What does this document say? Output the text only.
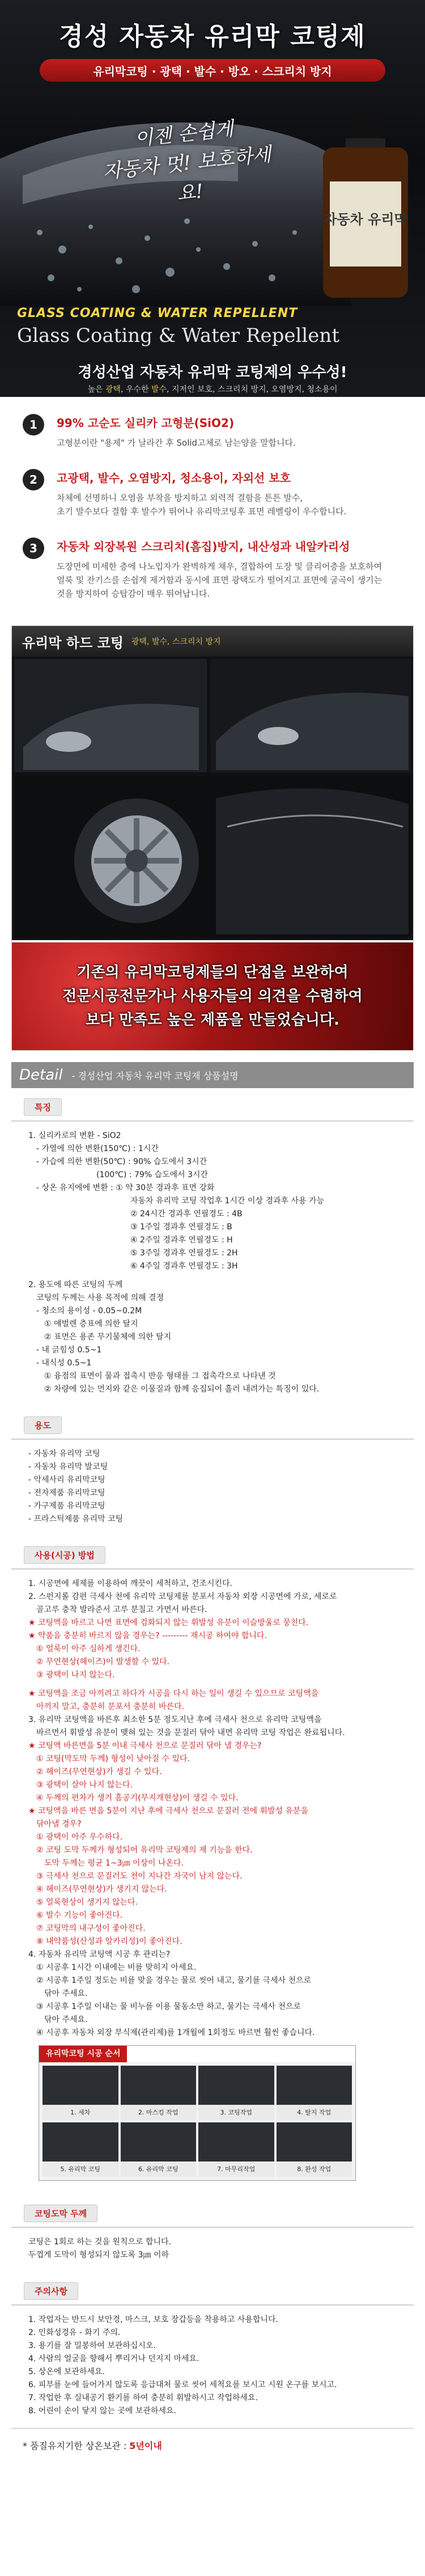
경성 자동차 유리막 코팅제
유리막코팅 · 광택 · 발수 · 방오 · 스크리치 방지
자동차 유리막
이젠 손쉽게
자동차 멋! 보호하세요!
GLASS COATING & WATER REPELLENT
Glass Coating & Water Repellent
경성산업 자동차 유리막 코팅제의 우수성!
높은 광택, 우수한 발수, 지저인 보호, 스크리치 방지, 오염방지, 청소용이
1	99% 고순도 실리카 고형분(SiO2)
고형분이란 "용제" 가 날라간 후 Solid고체로 남는양을 말합니다.
2	고광택, 발수, 오염방지, 청소용이, 자외선 보호
차체에 선명하니 오염을 부착을 방지하고 외력적 결함을 튼튼 발수,
초기 발수보다 결합 후 발수가 뛰어나 유리막코팅후 표면 레벨링이 우수합니다.
3	자동차 외장복원 스크리치(흠집)방지, 내산성과 내알카리성
도장면에 미세한 층에 나노입자가 완벽하게 채우, 결합하여 도장 및 클리어층을 보호하여
얼룩 및 잔기스를 손쉽게 제거함과 동시에 표면 광택도가 떨어지고 표면에 굴곡이 생기는
것을 방지하여 승탑감이 매우 뛰어납니다.
유리막 하드 코팅 광택, 발수, 스크리치 방지

기존의 유리막코팅제들의 단점을 보완하여
전문시공전문가나 사용자들의 의견을 수렴하여
보다 만족도 높은 제품을 만들었습니다.

Detail - 경성산업 자동차 유리막 코팅제 상품설명
특징
1. 실리카로의 변환 - SiO2
- 가열에 의한 변환(150℃) : 1시간
- 가습에 의한 변환(50℃) : 90% 습도에서 3시간
(100℃) : 79% 습도에서 3시간
- 상온 유지에에 변환 : ① 약 30분 경과후 표면 강화
자동차 유리막 코팅 작업후 1시간 이상 경과후 사용 가능
② 24시간 경과후 연필경도 : 4B
③ 1주일 경과후 연필경도 : B
④ 2주일 경과후 연필경도 : H
⑤ 3주일 경과후 연필경도 : 2H
⑥ 4주일 경과후 연필경도 : 3H
2. 용도에 따른 코팅의 두께
코팅의 두께는 사용 목적에 의해 결정
- 청소의 용이성 - 0.05~0.2M
① 얘벌렌 층표에 의한 탈지
② 표면은 용존 무기물체에 의한 탈지
- 내 긁힘성 0.5~1
- 내식성 0.5~1
① 융점의 표면이 물과 접촉시 반응 형태를 그 접촉각으로 나타낸 것
② 차량에 있는 먼지와 같은 이물질과 함께 응집되어 흘러 내려가는 특징이 있다.
용도
- 자동차 유리막 코팅
- 자동차 유리막 발코팅
- 악세사리 유리막코팅
- 전자제품 유리막코팅
- 가구제품 유리막코팅
- 프라스틱제품 유리막 코팅
사용(시공) 방법
1. 시공면에 세제를 이용하여 깨끗이 세척하고, 건조시킨다.
2. 스펀지롤 감편 극세사 천에 유리막 코팅제를 분포서 자동차 외장 시공면에 가로, 세로로
골고루 충착 발라준서 고루 분칠고 가면서 바른다.
★ 코팅액을 바르고 나면 표면에 검화되지 않는 휘발성 유분이 이슬방울로 뭉친다.
★ 약품을 충분히 바르지 않을 경우는? --------- 재시공 하여야 합니다.
① 얼룩이 아주 심하게 생긴다.
② 무연현상(헤이즈)이 발생할 수 있다.
③ 광택이 나지 않는다.
★ 코팅액을 조금 아끼려고 하다가 시공을 다시 하는 일이 생길 수 있으므로 코팅액을
아끼지 말고, 충분히 분포서 충분히 바른다.
3. 유리막 코팅액을 바른후 최소한 5분 정도지난 후에 극세사 천으로 유리막 코팅액을
바르면서 휘발성 유분이 맺혀 있는 것을 문질러 닦아 내면 유리막 코팅 작업은 완료됩니다.
★ 코팅액 바른면을 5분 이내 극세사 천으로 문질러 닦아 낼 경우는?
① 코팅(막도막 두께) 형성이 낮아질 수 있다.
② 헤이즈(무연현상)가 생길 수 있다.
③ 광택이 살아 나지 않는다.
④ 두께의 편차가 생겨 흠공기(무지개현상)이 생길 수 있다.
★ 코팅액을 바른 면을 5분이 지난 후에 극세사 천으로 문질러 전에 휘발성 유분을
닦아낼 경우?
① 광택이 아주 우수하다.
② 코팅 도막 두께가 형성되어 유리막 코팅제의 제 기능을 한다.
도막 두께는 평균 1~3㎛ 이상이 나온다.
③ 극세사 천으로 문질러도 천이 지나간 자국이 남지 않는다.
④ 헤이즈(무연현상)가 생기지 않는다.
⑤ 얼룩현상이 생기지 않는다.
⑥ 발수 기능이 좋아진다.
⑦ 코팅막의 내구성이 좋아진다.
⑧ 내약품성(산성과 알카리성)이 좋아진다.
4. 자동차 유리막 코팅액 시공 후 관리는?
① 시공후 1시간 이내에는 비를 맞히지 아세요.
② 시공후 1주일 정도는 비를 맞을 경우는 물로 씻어 내고, 물기를 극세사 천으로
닦아 주세요.
③ 시공후 1주일 이내는 물 비누를 이용 물동소만 하고, 물기는 극세사 천으로
닦아 주세요.
④ 시공후 자동차 외장 부식제(관리제)를 1개월에 1회정도 바르면 훨씬 좋습니다.
유리막코팅 시공 순서
1. 세차	2. 마스킹 작업	3. 코팅작업	4. 탈지 작업
5. 유리막 코팅	6. 유리막 코팅	7. 마무리작업	8. 완성 작업
코팅도막 두께
코팅은 1회로 하는 것을 원칙으로 합니다.
두껍게 도막이 형성되지 않도록 3㎛ 이하
주의사항
1. 작업자는 반드시 보안경, 마스크, 보호 장갑등을 착용하고 사용합니다.
2. 인화성경유 - 화기 주의.
3. 용기를 잘 밀봉하여 보관하십시오.
4. 사람의 얼굴을 향해서 뿌리거나 던지지 마세요.
5. 상온에 보관하세요.
6. 피부를 눈에 들어가지 않도록 응급대처 물로 씻어 세척요를 보시고 시원 온구를 보시고.
7. 작업한 후 실내공기 환기를 하여 충분히 휘발하시고 작업하세요.
8. 어린이 손이 닿지 않는 곳에 보관하세요.
* 품질유지기한 상온보관 : 5년이내
